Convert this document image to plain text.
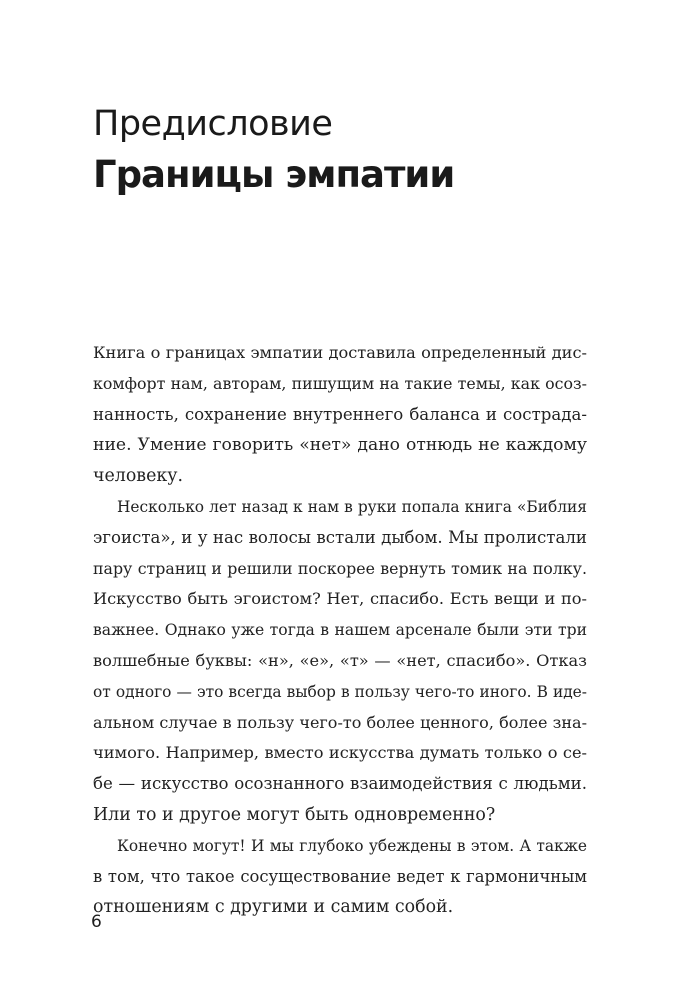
Предисловие
Границы эмпатии
Книга о границах эмпатии доставила определенный дис-
комфорт нам, авторам, пишущим на такие темы, как осоз-
нанность, сохранение внутреннего баланса и сострада-
ние. Умение говорить «нет» дано отнюдь не каждому
человеку.
Несколько лет назад к нам в руки попала книга «Библия
эгоиста», и у нас волосы встали дыбом. Мы пролистали
пару страниц и решили поскорее вернуть томик на полку.
Искусство быть эгоистом? Нет, спасибо. Есть вещи и по-
важнее. Однако уже тогда в нашем арсенале были эти три
волшебные буквы: «н», «е», «т» — «нет, спасибо». Отказ
от одного — это всегда выбор в пользу чего-то иного. В иде-
альном случае в пользу чего-то более ценного, более зна-
чимого. Например, вместо искусства думать только о се-
бе — искусство осознанного взаимодействия с людьми.
Или то и другое могут быть одновременно?
Конечно могут! И мы глубоко убеждены в этом. А также
в том, что такое сосуществование ведет к гармоничным
отношениям с другими и самим собой.
6
